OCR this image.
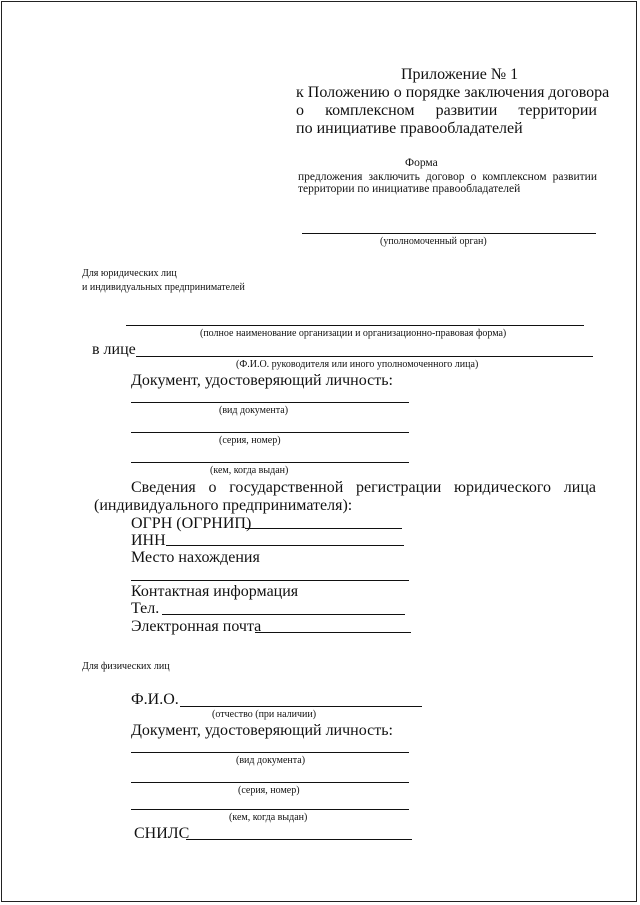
Приложение № 1
к Положению о порядке заключения договора
о комплексном развитии территории
по инициативе правообладателей
Форма
предложения заключить договор о комплексном развитии
территории по инициативе правообладателей
(уполномоченный орган)
Для юридических лиц
и индивидуальных предпринимателей
(полное наименование организации и организационно-правовая форма)
в лице
(Ф.И.О. руководителя или иного уполномоченного лица)
Документ, удостоверяющий личность:
(вид документа)
(серия, номер)
(кем, когда выдан)
Сведения о государственной регистрации юридического лица
(индивидуального предпринимателя):
ОГРН (ОГРНИП)
ИНН
Место нахождения
Контактная информация
Тел.
Электронная почта
Для физических лиц
Ф.И.О.
(отчество (при наличии)
Документ, удостоверяющий личность:
(вид документа)
(серия, номер)
(кем, когда выдан)
СНИЛС
